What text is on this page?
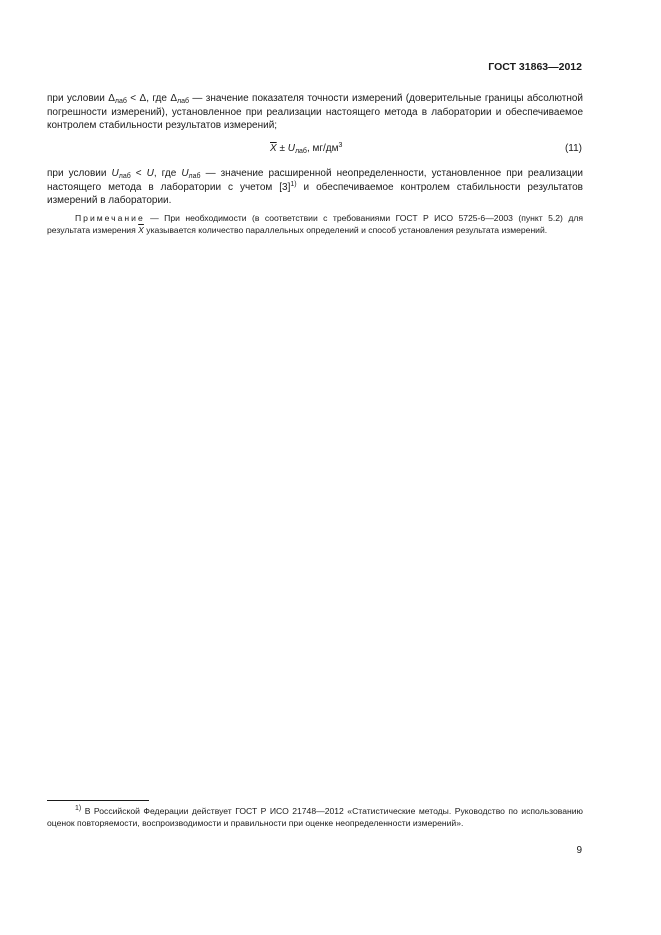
ГОСТ 31863—2012
при условии $\Delta_{лаб} < \Delta$, где $\Delta_{лаб}$ — значение показателя точности измерений (доверительные границы абсолютной погрешности измерений), установленное при реализации настоящего метода в лаборатории и обеспечиваемое контролем стабильности результатов измерений;
$\overline{X} \pm U_{лаб}$, $мг/дм^3$	(11)
при условии $U_{лаб} < U$, где $U_{лаб}$ — значение расширенной неопределенности, установленное при реализации настоящего метода в лаборатории с учетом $[3]^{1)}$ и обеспечиваемое контролем стабильности результатов измерений в лаборатории.
Примечание — При необходимости (в соответствии с требованиями ГОСТ Р ИСО 5725-6—2003 (пункт 5.2) для результата измерения $\overline{X}$ указывается количество параллельных определений и способ установления результата измерений.
$^{1)}$ В Российской Федерации действует ГОСТ Р ИСО 21748—2012 «Статистические методы. Руководство по использованию оценок повторяемости, воспроизводимости и правильности при оценке неопределенности измерений».
9
